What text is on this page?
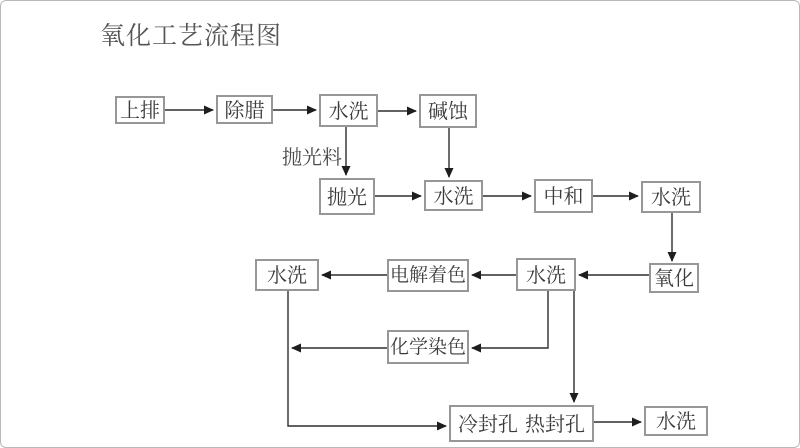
氧化工艺流程图
上排	除腊	水洗	碱蚀
抛光料
抛光	水洗	中和	水洗
氧化
水洗
电解着色
水洗
化学染色
冷封孔 热封孔	水洗
